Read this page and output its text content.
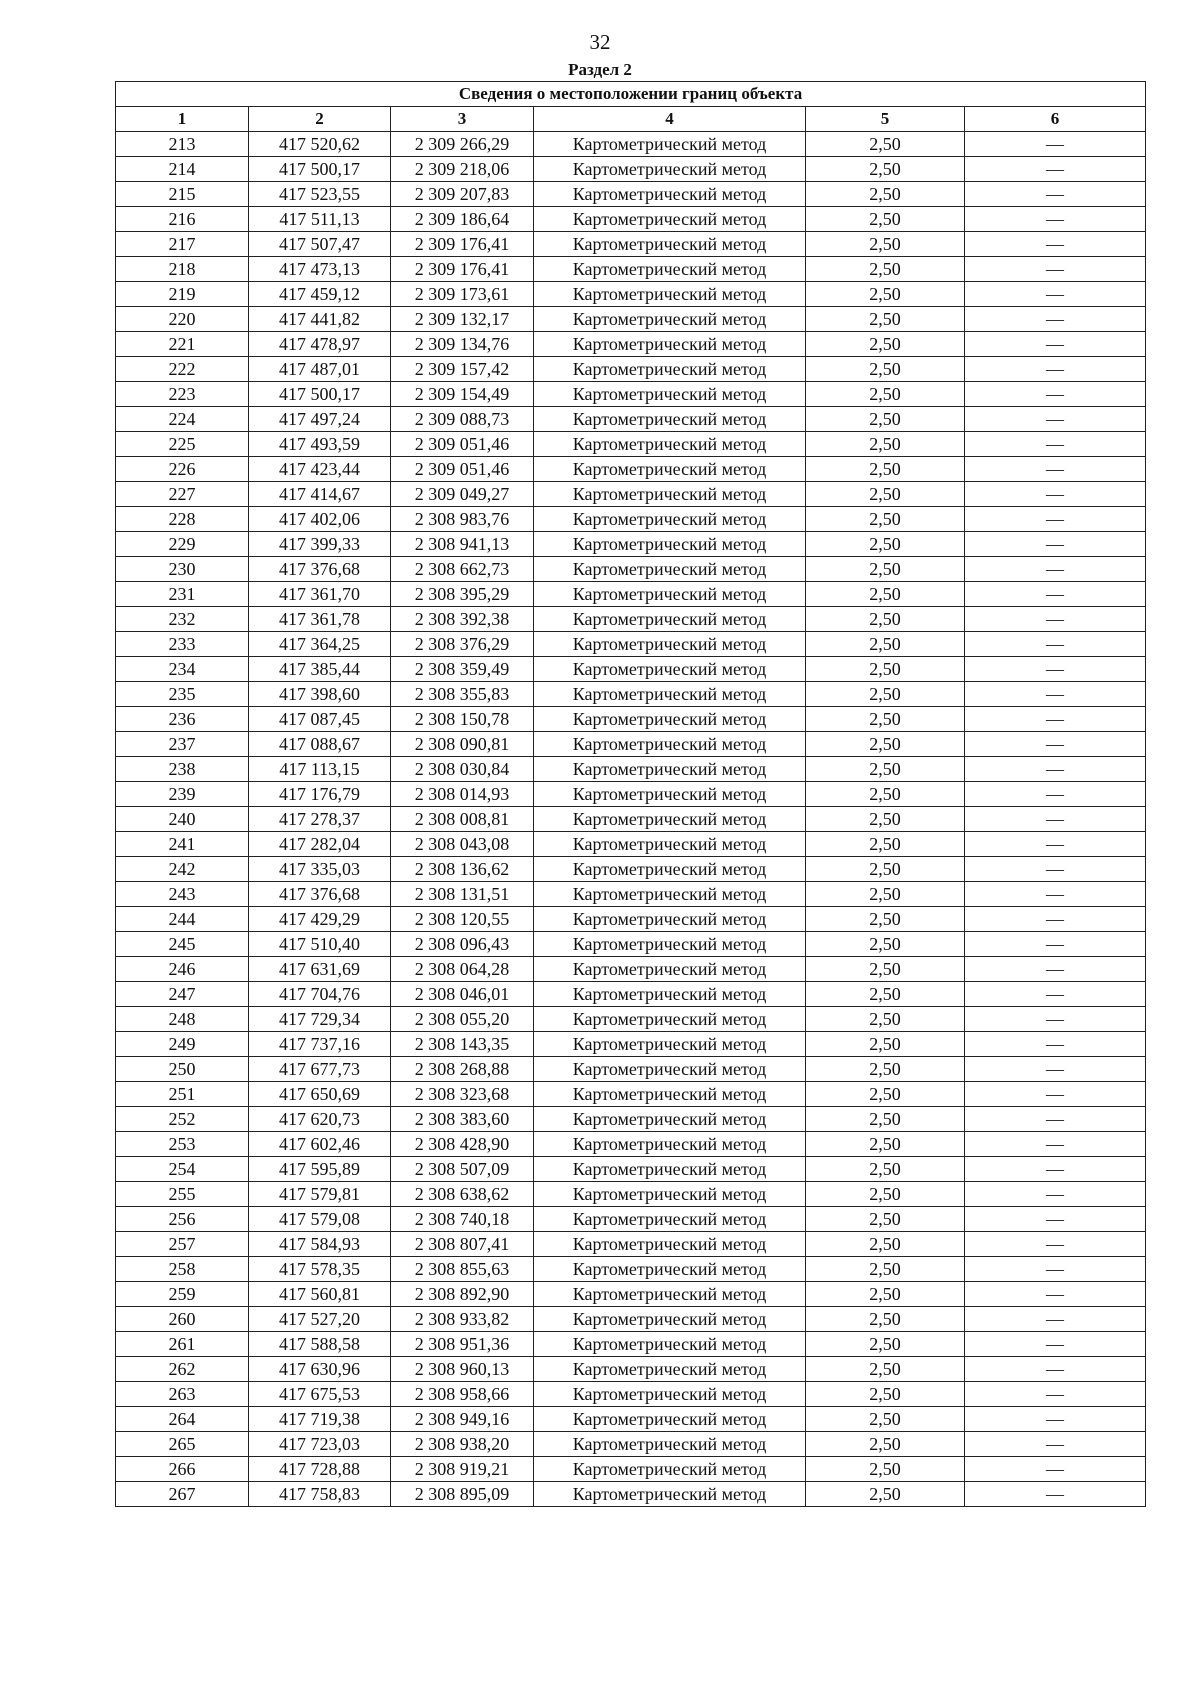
32
Раздел 2
Сведения о местоположении границ объекта					
1	2	3	4	5	6
213	417 520,62	2 309 266,29	Картометрический метод	2,50	—
214	417 500,17	2 309 218,06	Картометрический метод	2,50	—
215	417 523,55	2 309 207,83	Картометрический метод	2,50	—
216	417 511,13	2 309 186,64	Картометрический метод	2,50	—
217	417 507,47	2 309 176,41	Картометрический метод	2,50	—
218	417 473,13	2 309 176,41	Картометрический метод	2,50	—
219	417 459,12	2 309 173,61	Картометрический метод	2,50	—
220	417 441,82	2 309 132,17	Картометрический метод	2,50	—
221	417 478,97	2 309 134,76	Картометрический метод	2,50	—
222	417 487,01	2 309 157,42	Картометрический метод	2,50	—
223	417 500,17	2 309 154,49	Картометрический метод	2,50	—
224	417 497,24	2 309 088,73	Картометрический метод	2,50	—
225	417 493,59	2 309 051,46	Картометрический метод	2,50	—
226	417 423,44	2 309 051,46	Картометрический метод	2,50	—
227	417 414,67	2 309 049,27	Картометрический метод	2,50	—
228	417 402,06	2 308 983,76	Картометрический метод	2,50	—
229	417 399,33	2 308 941,13	Картометрический метод	2,50	—
230	417 376,68	2 308 662,73	Картометрический метод	2,50	—
231	417 361,70	2 308 395,29	Картометрический метод	2,50	—
232	417 361,78	2 308 392,38	Картометрический метод	2,50	—
233	417 364,25	2 308 376,29	Картометрический метод	2,50	—
234	417 385,44	2 308 359,49	Картометрический метод	2,50	—
235	417 398,60	2 308 355,83	Картометрический метод	2,50	—
236	417 087,45	2 308 150,78	Картометрический метод	2,50	—
237	417 088,67	2 308 090,81	Картометрический метод	2,50	—
238	417 113,15	2 308 030,84	Картометрический метод	2,50	—
239	417 176,79	2 308 014,93	Картометрический метод	2,50	—
240	417 278,37	2 308 008,81	Картометрический метод	2,50	—
241	417 282,04	2 308 043,08	Картометрический метод	2,50	—
242	417 335,03	2 308 136,62	Картометрический метод	2,50	—
243	417 376,68	2 308 131,51	Картометрический метод	2,50	—
244	417 429,29	2 308 120,55	Картометрический метод	2,50	—
245	417 510,40	2 308 096,43	Картометрический метод	2,50	—
246	417 631,69	2 308 064,28	Картометрический метод	2,50	—
247	417 704,76	2 308 046,01	Картометрический метод	2,50	—
248	417 729,34	2 308 055,20	Картометрический метод	2,50	—
249	417 737,16	2 308 143,35	Картометрический метод	2,50	—
250	417 677,73	2 308 268,88	Картометрический метод	2,50	—
251	417 650,69	2 308 323,68	Картометрический метод	2,50	—
252	417 620,73	2 308 383,60	Картометрический метод	2,50	—
253	417 602,46	2 308 428,90	Картометрический метод	2,50	—
254	417 595,89	2 308 507,09	Картометрический метод	2,50	—
255	417 579,81	2 308 638,62	Картометрический метод	2,50	—
256	417 579,08	2 308 740,18	Картометрический метод	2,50	—
257	417 584,93	2 308 807,41	Картометрический метод	2,50	—
258	417 578,35	2 308 855,63	Картометрический метод	2,50	—
259	417 560,81	2 308 892,90	Картометрический метод	2,50	—
260	417 527,20	2 308 933,82	Картометрический метод	2,50	—
261	417 588,58	2 308 951,36	Картометрический метод	2,50	—
262	417 630,96	2 308 960,13	Картометрический метод	2,50	—
263	417 675,53	2 308 958,66	Картометрический метод	2,50	—
264	417 719,38	2 308 949,16	Картометрический метод	2,50	—
265	417 723,03	2 308 938,20	Картометрический метод	2,50	—
266	417 728,88	2 308 919,21	Картометрический метод	2,50	—
267	417 758,83	2 308 895,09	Картометрический метод	2,50	—
